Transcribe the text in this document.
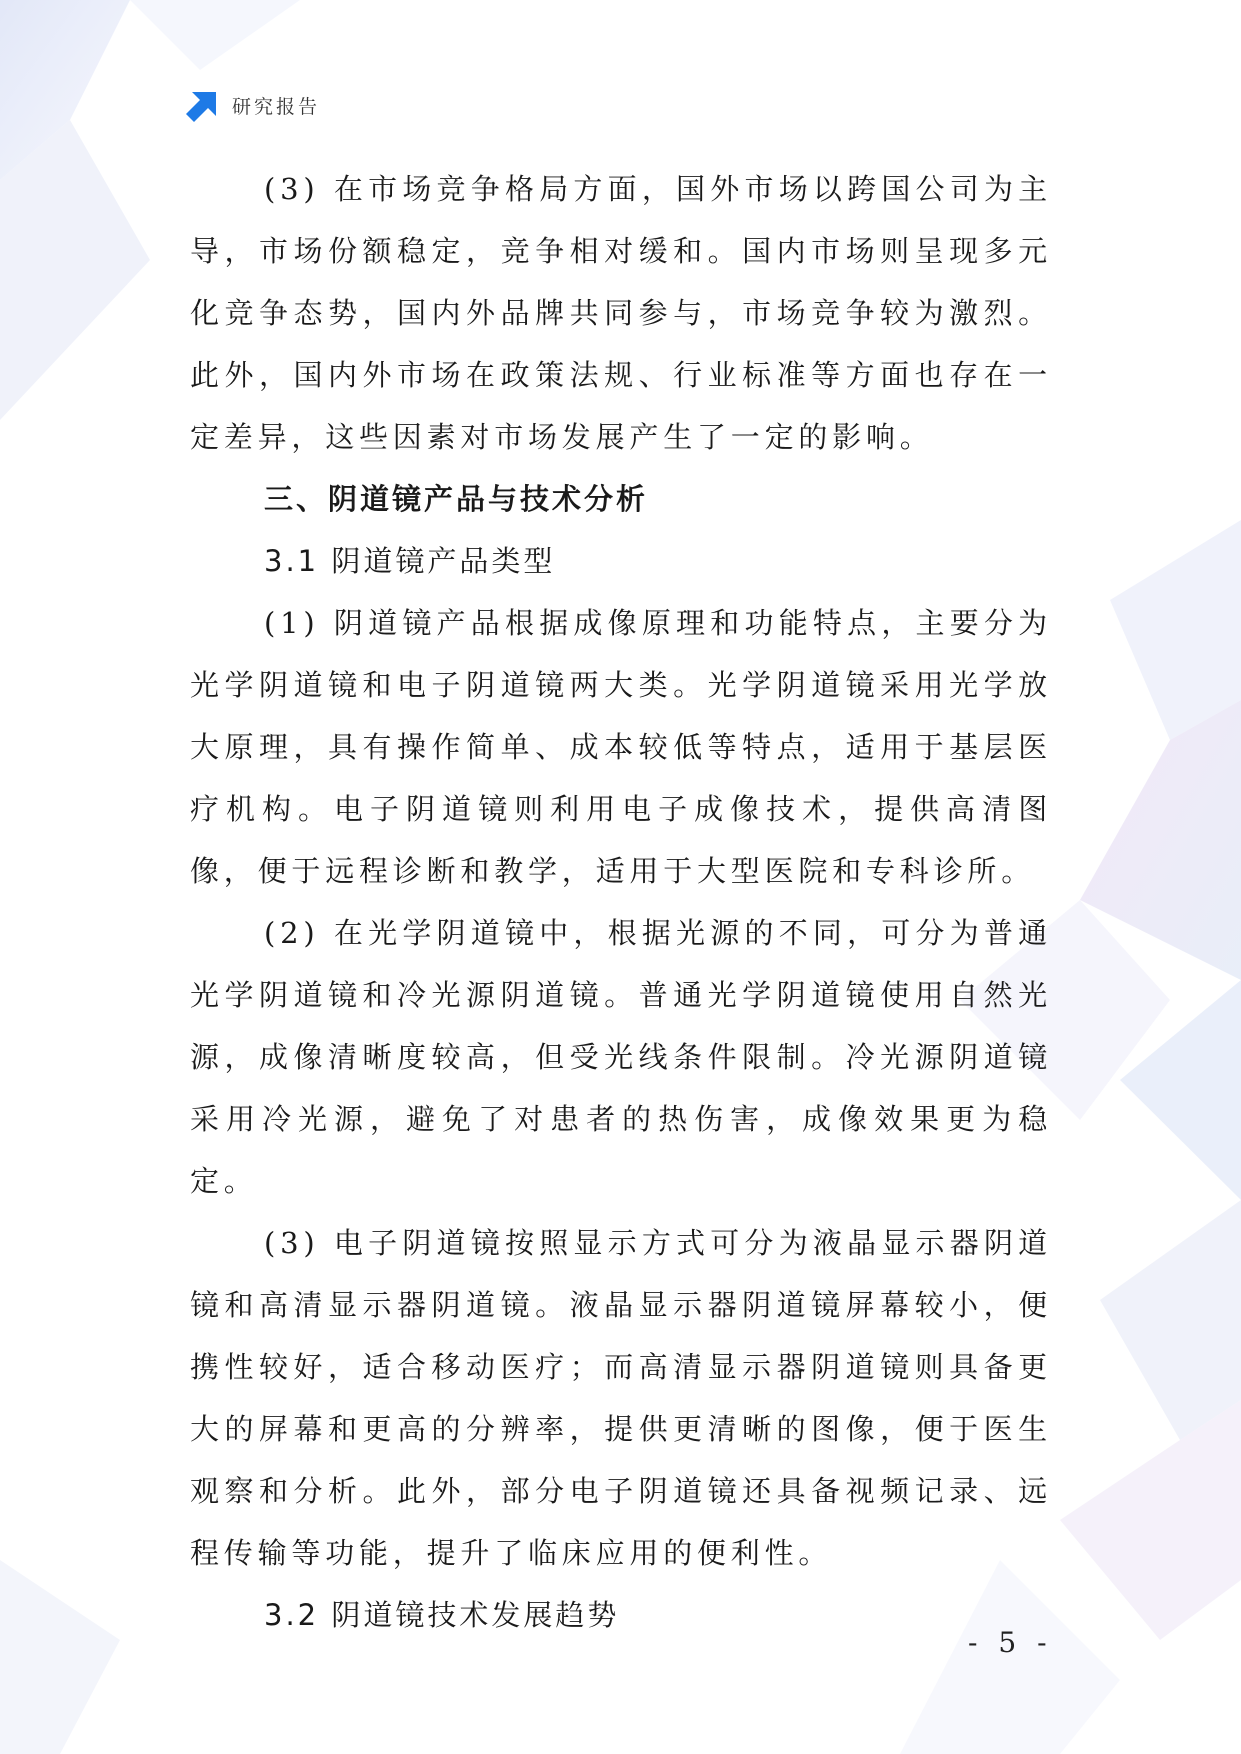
研究报告

(3) 在市场竞争格局方面，国外市场以跨国公司为主导，市场份额稳定，竞争相对缓和。国内市场则呈现多元化竞争态势，国内外品牌共同参与，市场竞争较为激烈。此外，国内外市场在政策法规、行业标准等方面也存在一定差异，这些因素对市场发展产生了一定的影响。

三、阴道镜产品与技术分析

3.1 阴道镜产品类型

(1) 阴道镜产品根据成像原理和功能特点，主要分为光学阴道镜和电子阴道镜两大类。光学阴道镜采用光学放大原理，具有操作简单、成本较低等特点，适用于基层医疗机构。电子阴道镜则利用电子成像技术，提供高清图像，便于远程诊断和教学，适用于大型医院和专科诊所。

(2) 在光学阴道镜中，根据光源的不同，可分为普通光学阴道镜和冷光源阴道镜。普通光学阴道镜使用自然光源，成像清晰度较高，但受光线条件限制。冷光源阴道镜采用冷光源，避免了对患者的热伤害，成像效果更为稳定。

(3) 电子阴道镜按照显示方式可分为液晶显示器阴道镜和高清显示器阴道镜。液晶显示器阴道镜屏幕较小，便携性较好，适合移动医疗；而高清显示器阴道镜则具备更大的屏幕和更高的分辨率，提供更清晰的图像，便于医生观察和分析。此外，部分电子阴道镜还具备视频记录、远程传输等功能，提升了临床应用的便利性。

3.2 阴道镜技术发展趋势

- 5 -
